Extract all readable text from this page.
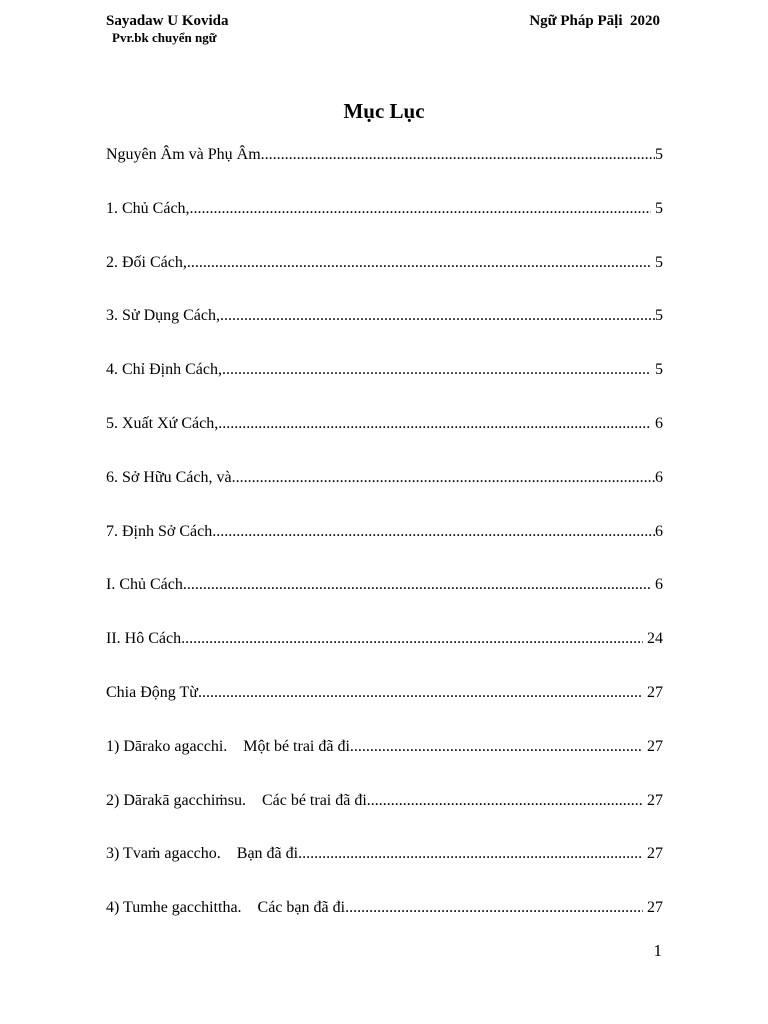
Sayadaw U Kovida
Pvr.bk chuyển ngữ
Ngữ Pháp Pāḷi  2020
Mục Lục
Nguyên Âm và Phụ Âm .....	5
1. Chủ Cách, .....	5
2. Đối Cách, .....	5
3. Sử Dụng Cách, .....	5
4. Chỉ Định Cách, .....	5
5. Xuất Xứ Cách, .....	6
6. Sở Hữu Cách, và .....	6
7. Định Sở Cách .....	6
I. Chủ Cách .....	6
II. Hô Cách .....	24
Chia Động Từ .....	27
1) Dārako agacchi.    Một bé trai đã đi .....	27
2) Dārakā gacchiṁsu.    Các bé trai đã đi .....	27
3) Tvaṁ agaccho.    Bạn đã đi .....	27
4) Tumhe gacchittha.    Các bạn đã đi .....	27
1
